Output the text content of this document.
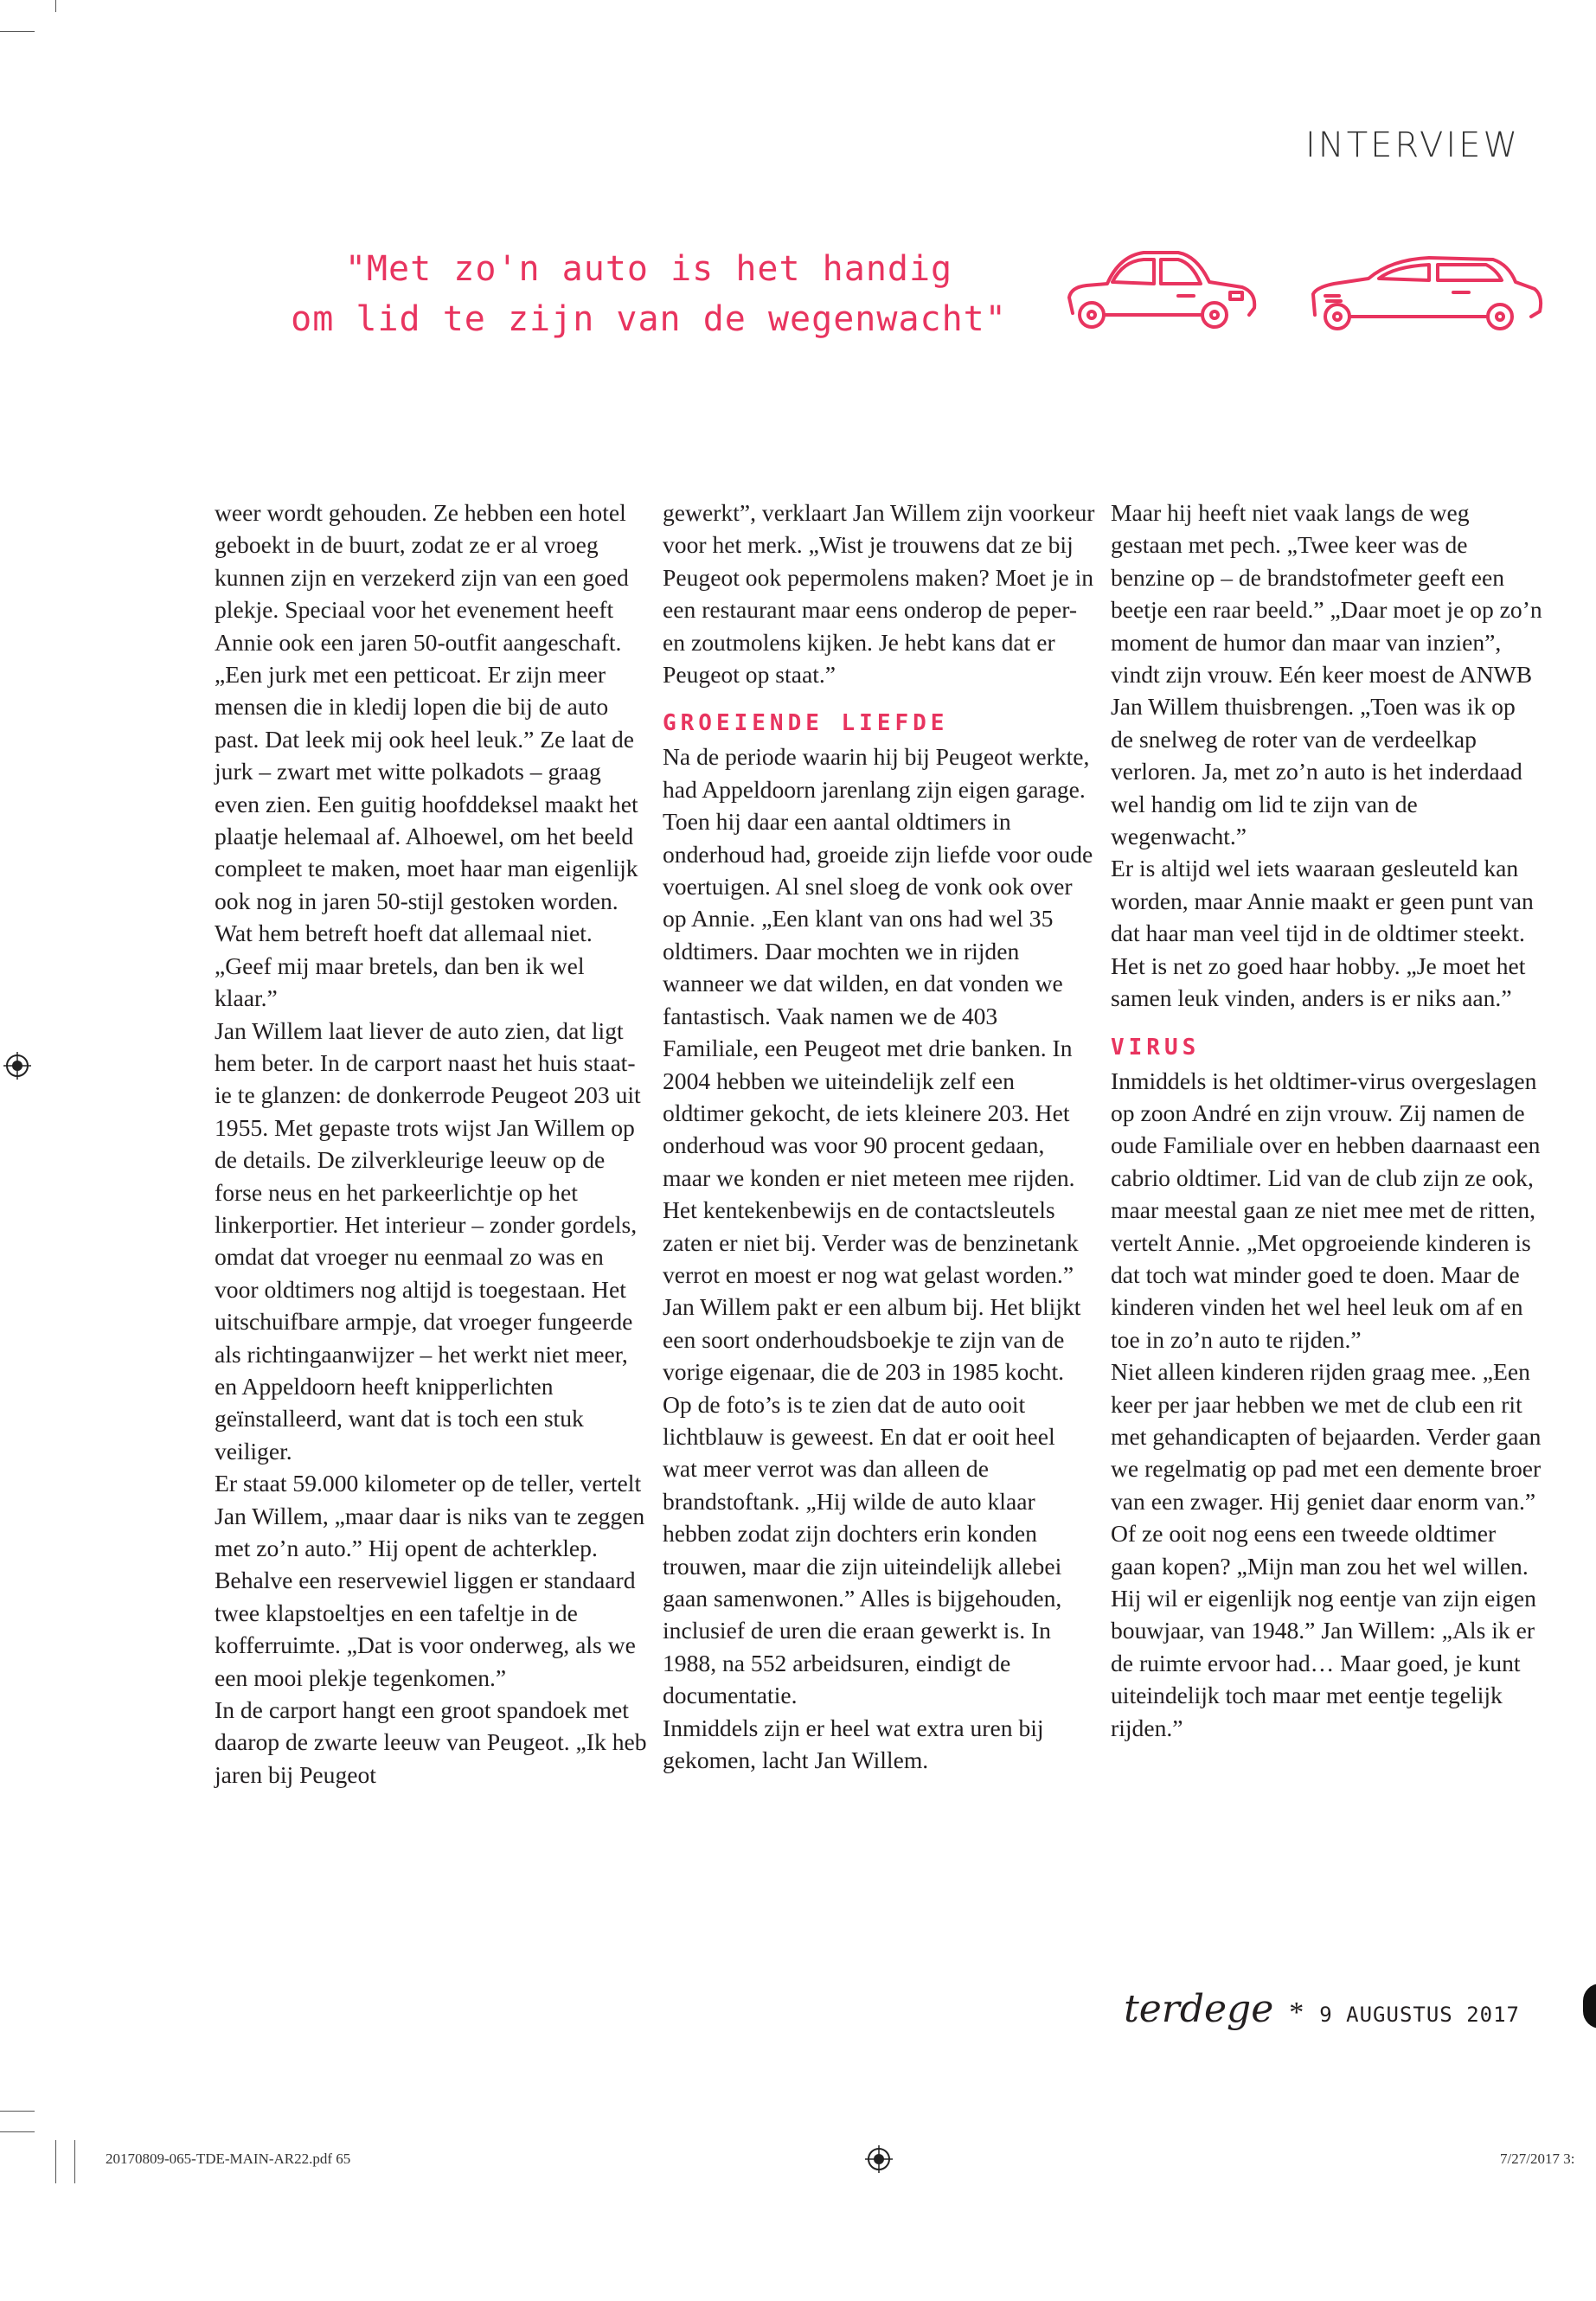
INTERVIEW
"Met zo'n auto is het handig
om lid te zijn van de wegenwacht"

weer wordt gehouden. Ze hebben een hotel geboekt in de buurt, zodat ze er al vroeg kunnen zijn en verzekerd zijn van een goed plekje. Speciaal voor het evenement heeft Annie ook een jaren 50-outfit aangeschaft. „Een jurk met een petticoat. Er zijn meer mensen die in kledij lopen die bij de auto past. Dat leek mij ook heel leuk.” Ze laat de jurk – zwart met witte polkadots – graag even zien. Een guitig hoofddeksel maakt het plaatje helemaal af. Alhoewel, om het beeld compleet te maken, moet haar man eigenlijk ook nog in jaren 50-stijl gestoken worden. Wat hem betreft hoeft dat allemaal niet. „Geef mij maar bretels, dan ben ik wel klaar.”

Jan Willem laat liever de auto zien, dat ligt hem beter. In de carport naast het huis staat-ie te glanzen: de donkerrode Peugeot 203 uit 1955. Met gepaste trots wijst Jan Willem op de details. De zilverkleurige leeuw op de forse neus en het parkeerlichtje op het linkerportier. Het interieur – zonder gordels, omdat dat vroeger nu eenmaal zo was en voor oldtimers nog altijd is toegestaan. Het uitschuifbare armpje, dat vroeger fungeerde als richtingaanwijzer – het werkt niet meer, en Appeldoorn heeft knipperlichten geïnstalleerd, want dat is toch een stuk veiliger.

Er staat 59.000 kilometer op de teller, vertelt Jan Willem, „maar daar is niks van te zeggen met zo’n auto.” Hij opent de achterklep. Behalve een reservewiel liggen er standaard twee klapstoeltjes en een tafeltje in de kofferruimte. „Dat is voor onderweg, als we een mooi plekje tegenkomen.”

In de carport hangt een groot spandoek met daarop de zwarte leeuw van Peugeot. „Ik heb jaren bij Peugeot

gewerkt”, verklaart Jan Willem zijn voorkeur voor het merk. „Wist je trouwens dat ze bij Peugeot ook pepermolens maken? Moet je in een restaurant maar eens onderop de peper- en zoutmolens kijken. Je hebt kans dat er Peugeot op staat.”

GROEIENDE LIEFDE

Na de periode waarin hij bij Peugeot werkte, had Appeldoorn jarenlang zijn eigen garage. Toen hij daar een aantal oldtimers in onderhoud had, groeide zijn liefde voor oude voertuigen. Al snel sloeg de vonk ook over op Annie. „Een klant van ons had wel 35 oldtimers. Daar mochten we in rijden wanneer we dat wilden, en dat vonden we fantastisch. Vaak namen we de 403 Familiale, een Peugeot met drie banken. In 2004 hebben we uiteindelijk zelf een oldtimer gekocht, de iets kleinere 203. Het onderhoud was voor 90 procent gedaan, maar we konden er niet meteen mee rijden. Het kentekenbewijs en de contactsleutels zaten er niet bij. Verder was de benzinetank verrot en moest er nog wat gelast worden.”

Jan Willem pakt er een album bij. Het blijkt een soort onderhoudsboekje te zijn van de vorige eigenaar, die de 203 in 1985 kocht. Op de foto’s is te zien dat de auto ooit lichtblauw is geweest. En dat er ooit heel wat meer verrot was dan alleen de brandstoftank. „Hij wilde de auto klaar hebben zodat zijn dochters erin konden trouwen, maar die zijn uiteindelijk allebei gaan samenwonen.” Alles is bijgehouden, inclusief de uren die eraan gewerkt is. In 1988, na 552 arbeidsuren, eindigt de documentatie.

Inmiddels zijn er heel wat extra uren bij gekomen, lacht Jan Willem.

Maar hij heeft niet vaak langs de weg gestaan met pech. „Twee keer was de benzine op – de brandstofmeter geeft een beetje een raar beeld.” „Daar moet je op zo’n moment de humor dan maar van inzien”, vindt zijn vrouw. Eén keer moest de ANWB Jan Willem thuisbrengen. „Toen was ik op de snelweg de roter van de verdeelkap verloren. Ja, met zo’n auto is het inderdaad wel handig om lid te zijn van de wegenwacht.”

Er is altijd wel iets waaraan gesleuteld kan worden, maar Annie maakt er geen punt van dat haar man veel tijd in de oldtimer steekt. Het is net zo goed haar hobby. „Je moet het samen leuk vinden, anders is er niks aan.”

VIRUS

Inmiddels is het oldtimer-virus overgeslagen op zoon André en zijn vrouw. Zij namen de oude Familiale over en hebben daarnaast een cabrio oldtimer. Lid van de club zijn ze ook, maar meestal gaan ze niet mee met de ritten, vertelt Annie. „Met opgroeiende kinderen is dat toch wat minder goed te doen. Maar de kinderen vinden het wel heel leuk om af en toe in zo’n auto te rijden.”

Niet alleen kinderen rijden graag mee. „Een keer per jaar hebben we met de club een rit met gehandicapten of bejaarden. Verder gaan we regelmatig op pad met een demente broer van een zwager. Hij geniet daar enorm van.”

Of ze ooit nog eens een tweede oldtimer gaan kopen? „Mijn man zou het wel willen. Hij wil er eigenlijk nog eentje van zijn eigen bouwjaar, van 1948.” Jan Willem: „Als ik er de ruimte ervoor had… Maar goed, je kunt uiteindelijk toch maar met eentje tegelijk rijden.”

terdege * 9 AUGUSTUS 2017
20170809-065-TDE-MAIN-AR22.pdf 65	7/27/2017 3:
